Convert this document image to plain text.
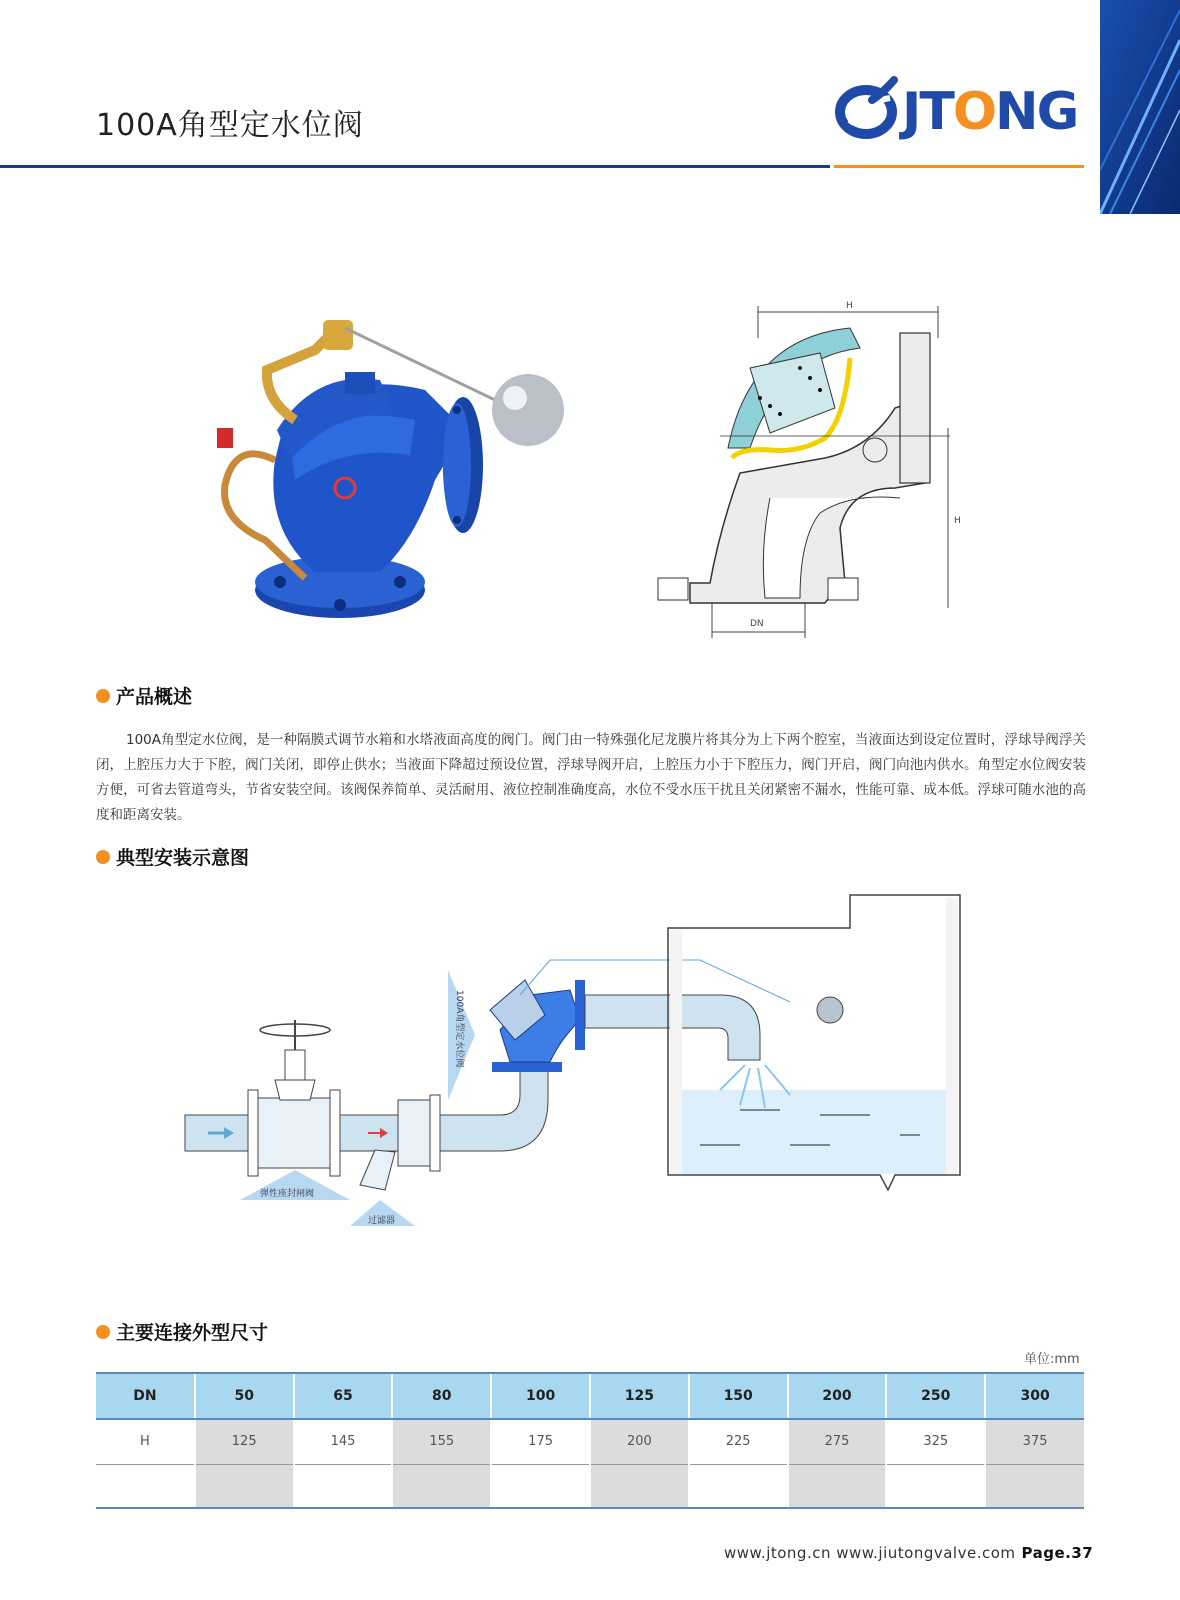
100A角型定水位阀	JTONG
H
H
DN
产品概述
100A角型定水位阀，是一种隔膜式调节水箱和水塔液面高度的阀门。阀门由一特殊强化尼龙膜片将其分为上下两个腔室，当液面达到设定位置时，浮球导阀浮关闭，上腔压力大于下腔，阀门关闭，即停止供水；当液面下降超过预设位置，浮球导阀开启，上腔压力小于下腔压力，阀门开启，阀门向池内供水。角型定水位阀安装方便，可省去管道弯头，节省安装空间。该阀保养简单、灵活耐用、液位控制准确度高，水位不受水压干扰且关闭紧密不漏水，性能可靠、成本低。浮球可随水池的高度和距离安装。
典型安装示意图
100A角型定水位阀
弹性座封闸阀
过滤器
主要连接外型尺寸
单位:mm
DN	50	65	80	100	125	150	200	250	300
H	125	145	155	175	200	225	275	325	375

www.jtong.cn www.jiutongvalve.com Page.37
